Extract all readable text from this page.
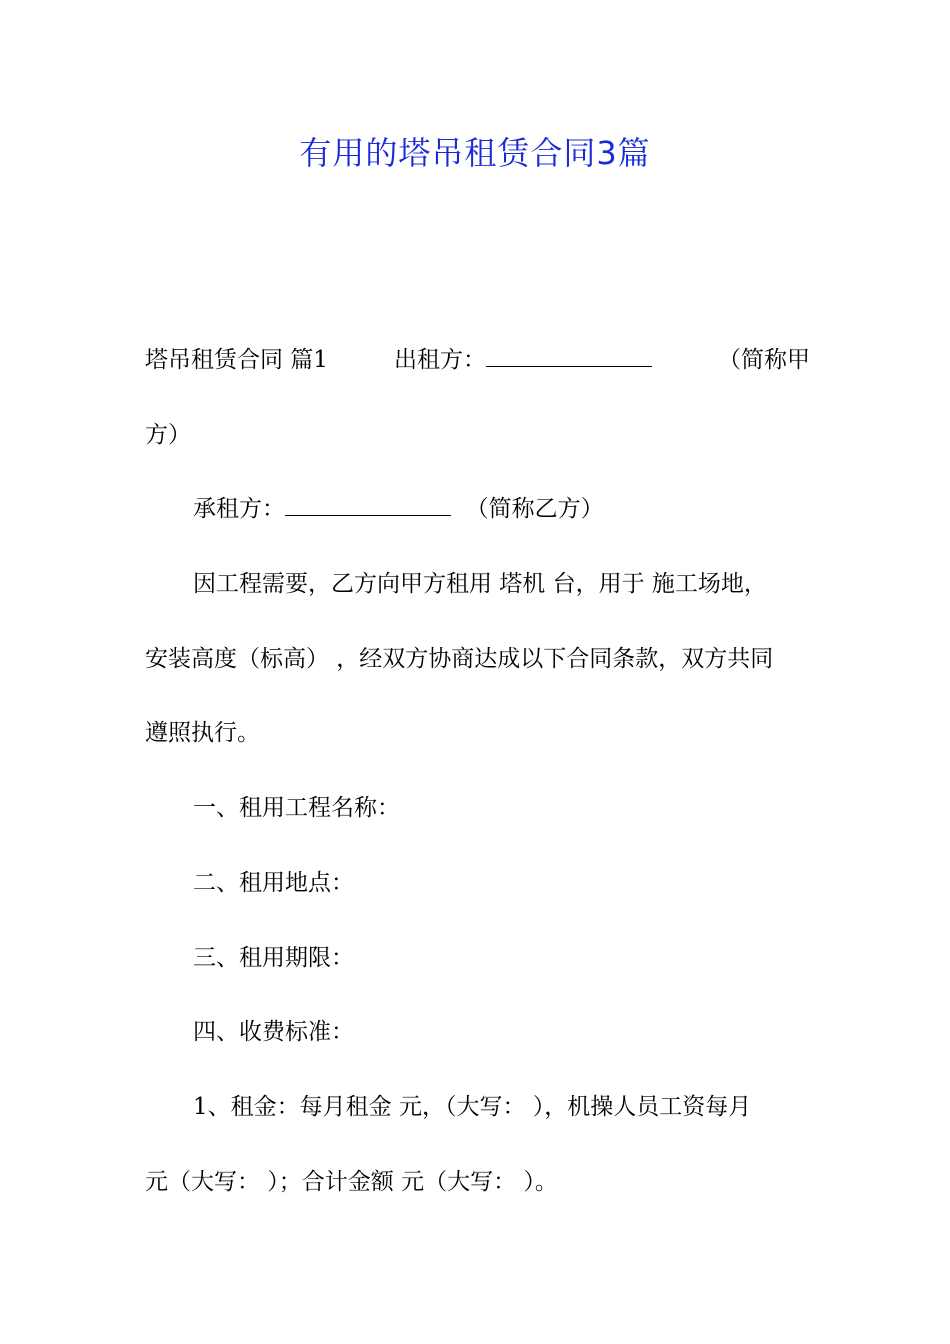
有用的塔吊租赁合同3篇
塔吊租赁合同 篇1	出租方：	（简称甲
方）
承租方：	（简称乙方）
因工程需要，乙方向甲方租用 塔机 台，用于 施工场地，
安装高度（标高） ，经双方协商达成以下合同条款，双方共同
遵照执行。
一、租用工程名称：
二、租用地点：
三、租用期限：
四、收费标准：
1、租金：每月租金 元，（大写： ），机操人员工资每月
元（大写： ）；合计金额 元（大写： ）。
